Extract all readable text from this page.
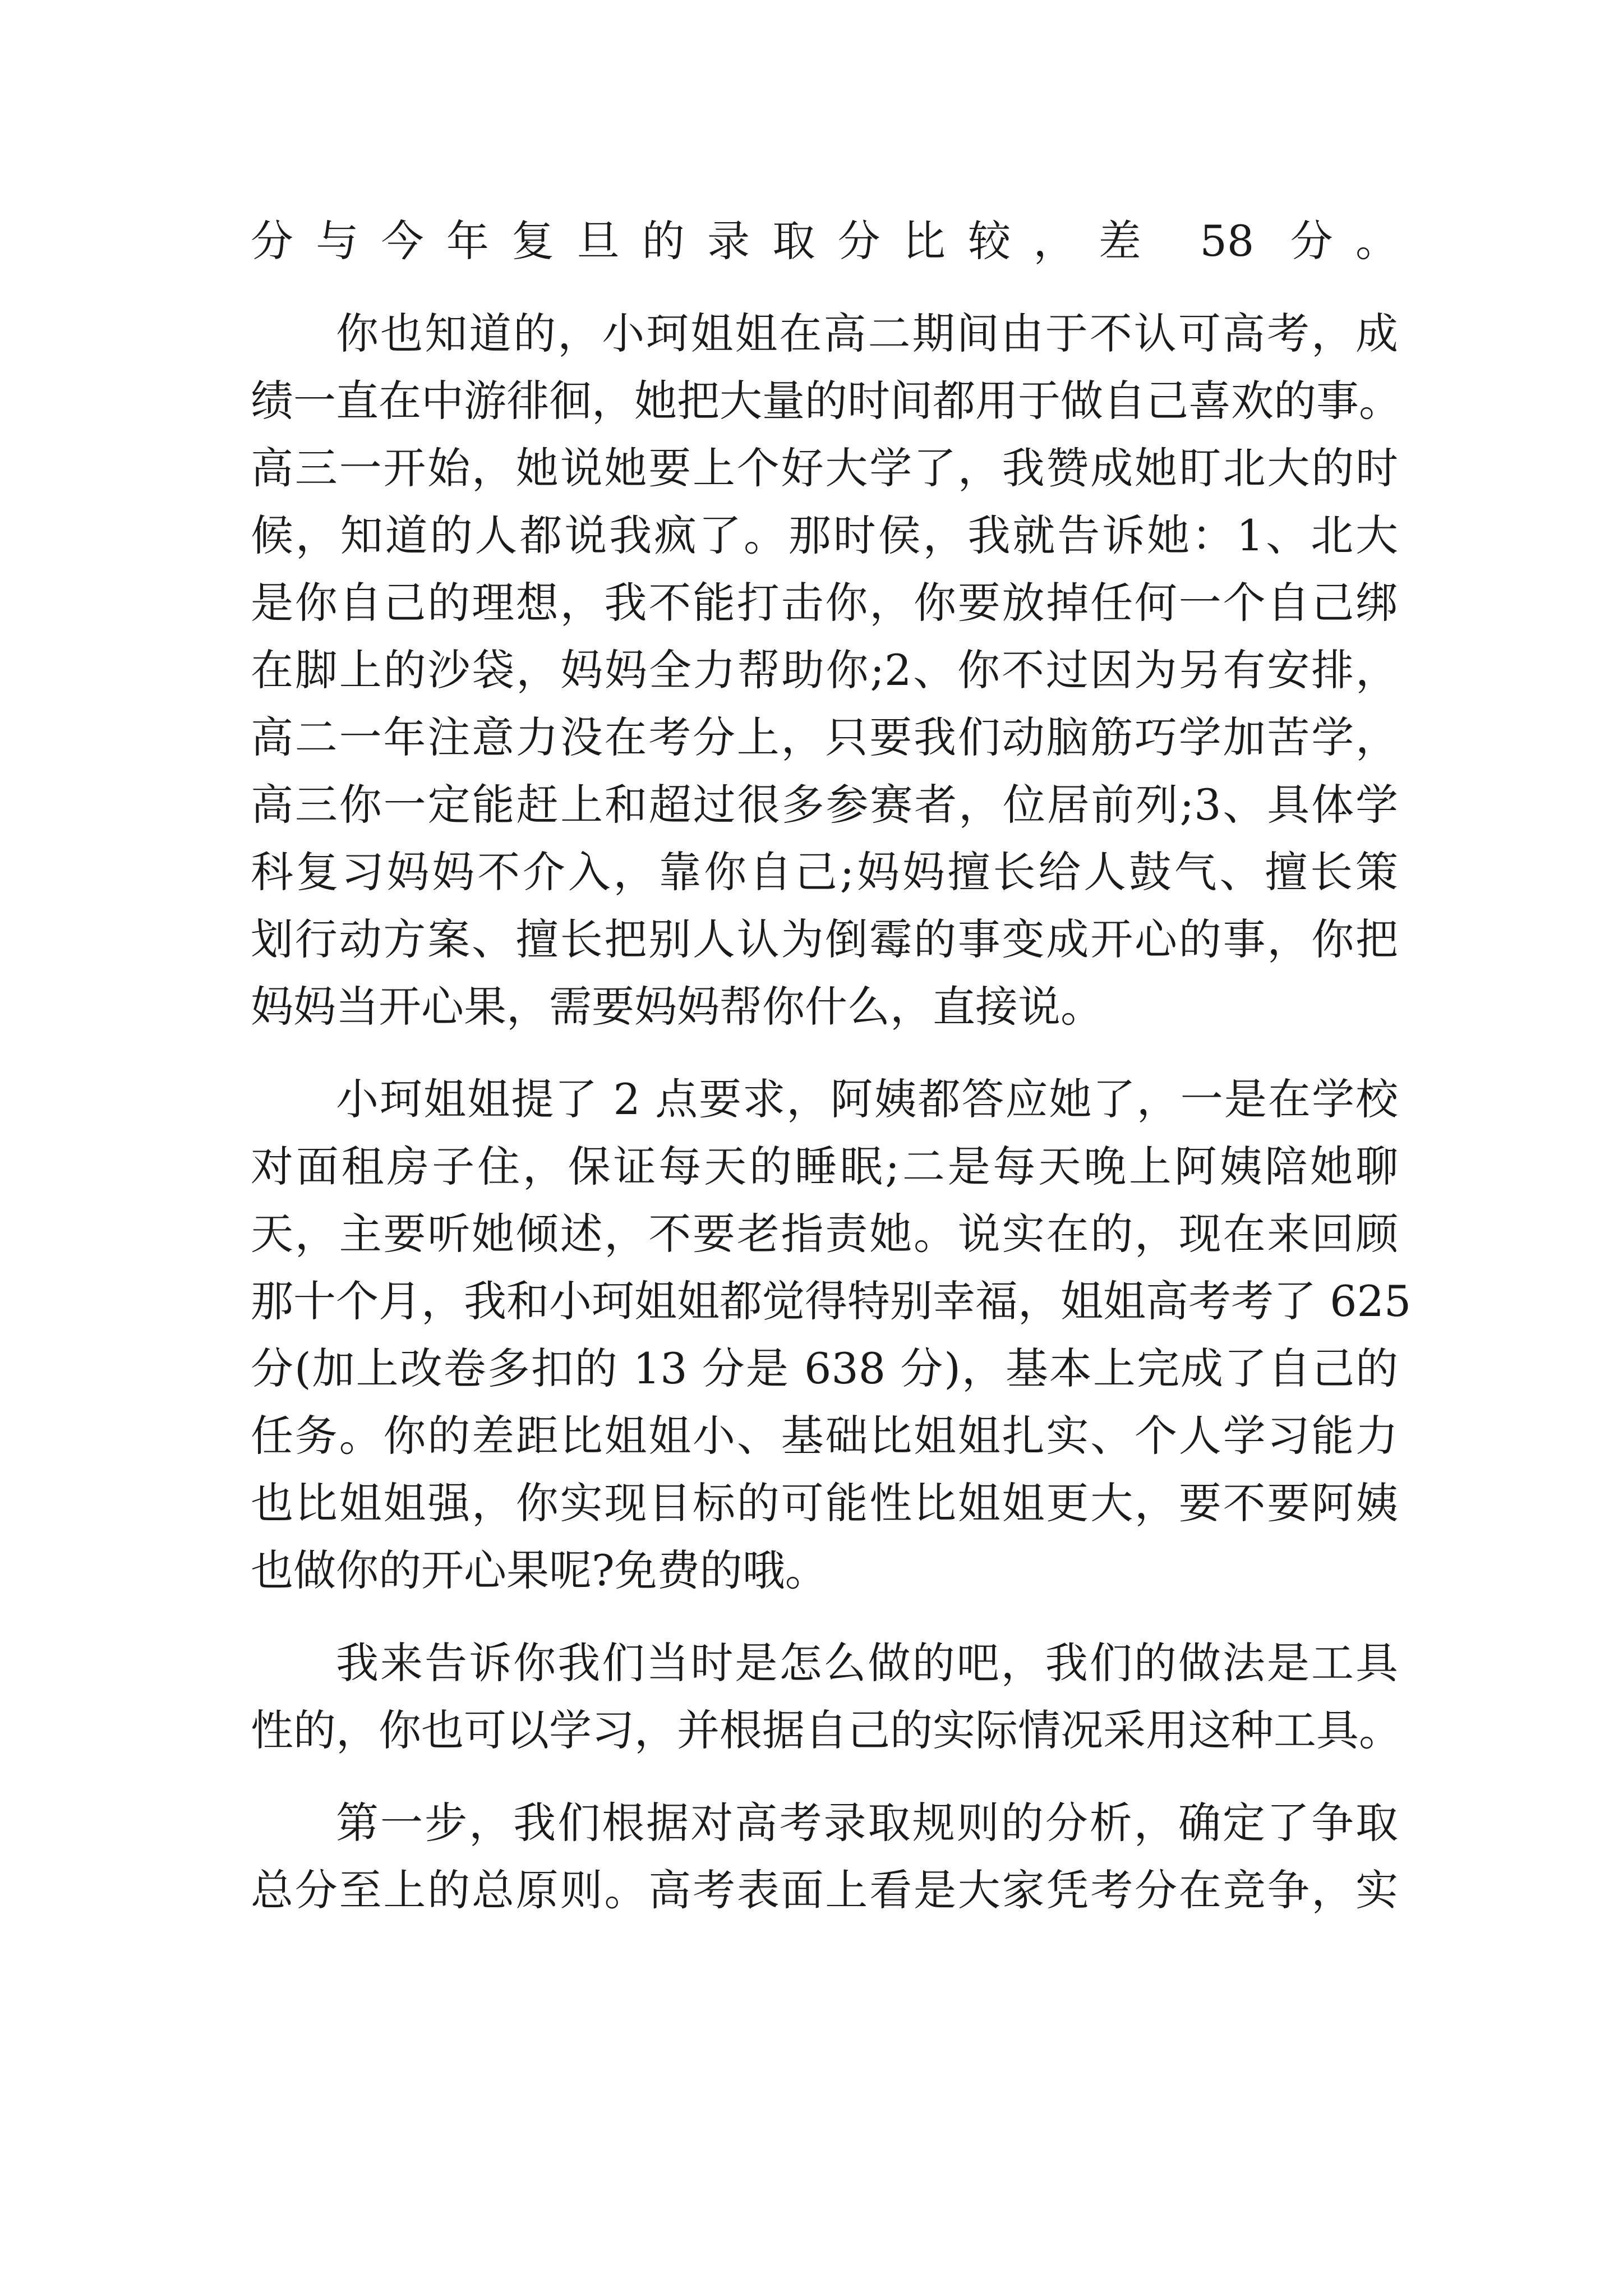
分与今年复旦的录取分比较，差 58 分。
你也知道的，小珂姐姐在高二期间由于不认可高考，成
绩一直在中游徘徊，她把大量的时间都用于做自己喜欢的事。
高三一开始，她说她要上个好大学了，我赞成她盯北大的时
候，知道的人都说我疯了。那时侯，我就告诉她：1、北大
是你自己的理想，我不能打击你，你要放掉任何一个自己绑
在脚上的沙袋，妈妈全力帮助你;2、你不过因为另有安排，
高二一年注意力没在考分上，只要我们动脑筋巧学加苦学，
高三你一定能赶上和超过很多参赛者，位居前列;3、具体学
科复习妈妈不介入，靠你自己;妈妈擅长给人鼓气、擅长策
划行动方案、擅长把别人认为倒霉的事变成开心的事，你把
妈妈当开心果，需要妈妈帮你什么，直接说。
小珂姐姐提了 2 点要求，阿姨都答应她了，一是在学校
对面租房子住，保证每天的睡眠;二是每天晚上阿姨陪她聊
天，主要听她倾述，不要老指责她。说实在的，现在来回顾
那十个月，我和小珂姐姐都觉得特别幸福，姐姐高考考了 625
分(加上改卷多扣的 13 分是 638 分)，基本上完成了自己的
任务。你的差距比姐姐小、基础比姐姐扎实、个人学习能力
也比姐姐强，你实现目标的可能性比姐姐更大，要不要阿姨
也做你的开心果呢?免费的哦。
我来告诉你我们当时是怎么做的吧，我们的做法是工具
性的，你也可以学习，并根据自己的实际情况采用这种工具。
第一步，我们根据对高考录取规则的分析，确定了争取
总分至上的总原则。高考表面上看是大家凭考分在竞争，实
